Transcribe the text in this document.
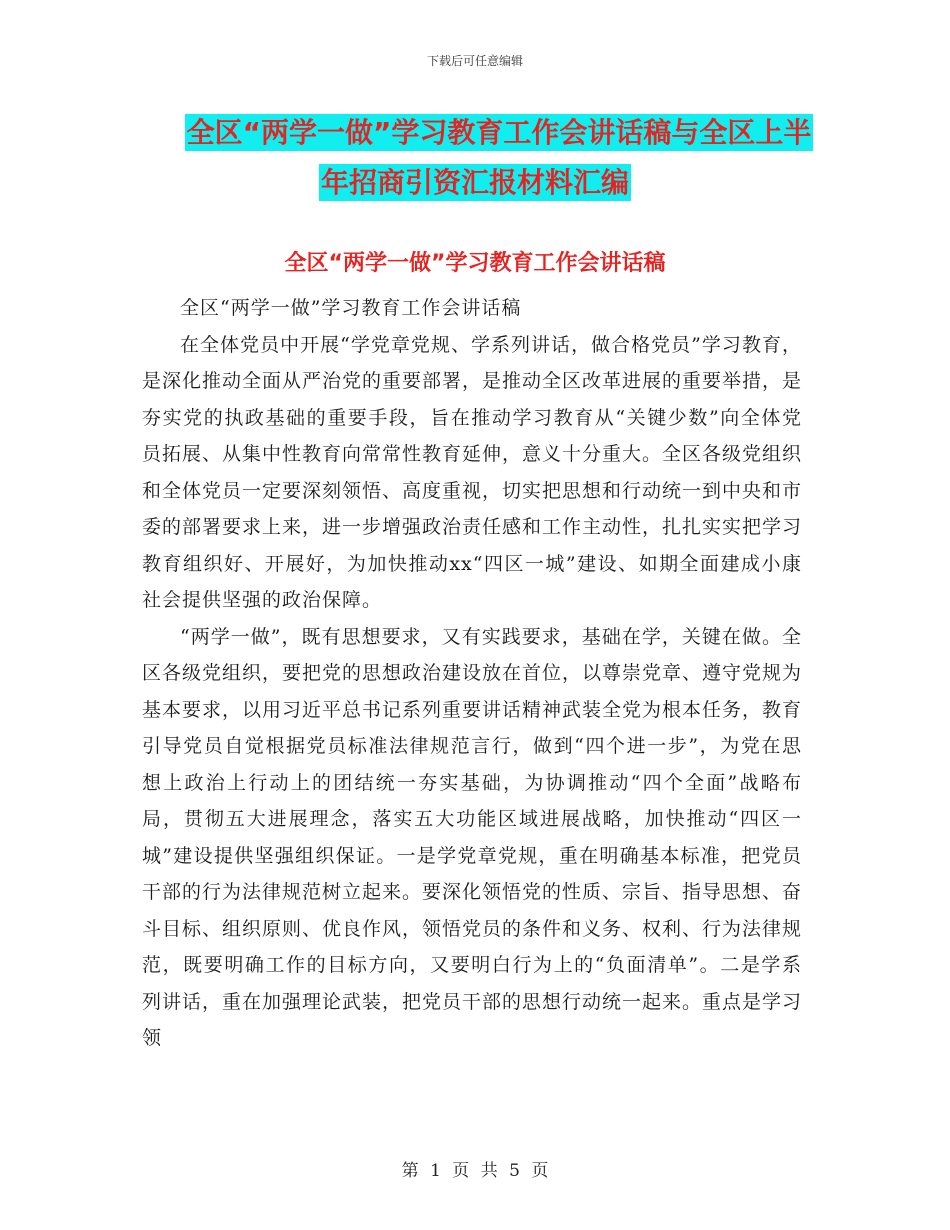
下载后可任意编辑
全区“两学一做”学习教育工作会讲话稿与全区上半
年招商引资汇报材料汇编
全区“两学一做”学习教育工作会讲话稿

全区“两学一做”学习教育工作会讲话稿

在全体党员中开展“学党章党规、学系列讲话，做合格党员”学习教育，是深化推动全面从严治党的重要部署，是推动全区改革进展的重要举措，是夯实党的执政基础的重要手段，旨在推动学习教育从“关键少数”向全体党员拓展、从集中性教育向常常性教育延伸，意义十分重大。全区各级党组织和全体党员一定要深刻领悟、高度重视，切实把思想和行动统一到中央和市委的部署要求上来，进一步增强政治责任感和工作主动性，扎扎实实把学习教育组织好、开展好，为加快推动xx“四区一城”建设、如期全面建成小康社会提供坚强的政治保障。

“两学一做”，既有思想要求，又有实践要求，基础在学，关键在做。全区各级党组织，要把党的思想政治建设放在首位，以尊崇党章、遵守党规为基本要求，以用习近平总书记系列重要讲话精神武装全党为根本任务，教育引导党员自觉根据党员标准法律规范言行，做到“四个进一步”，为党在思想上政治上行动上的团结统一夯实基础，为协调推动“四个全面”战略布局，贯彻五大进展理念，落实五大功能区域进展战略，加快推动“四区一城”建设提供坚强组织保证。一是学党章党规，重在明确基本标准，把党员干部的行为法律规范树立起来。要深化领悟党的性质、宗旨、指导思想、奋斗目标、组织原则、优良作风，领悟党员的条件和义务、权利、行为法律规范，既要明确工作的目标方向，又要明白行为上的“负面清单”。二是学系列讲话，重在加强理论武装，把党员干部的思想行动统一起来。重点是学习领

第 1 页 共 5 页
